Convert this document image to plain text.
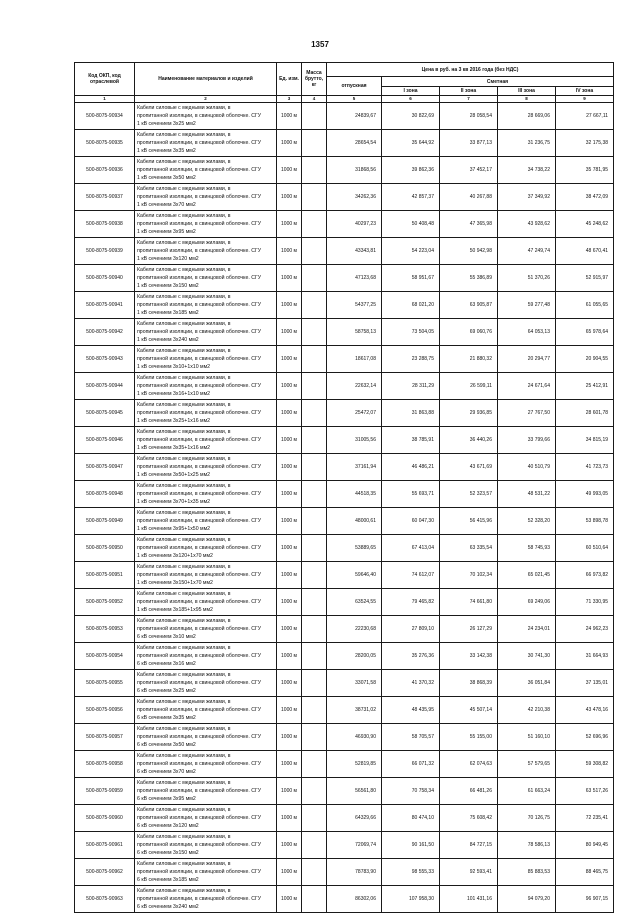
1357
Код ОКП, код отраслевой	Наименование материалов и изделий	Ед. изм.	Масса брутто, кг	Цена в руб. на 3 кв 2016 года (без НДС)				
				отпускная	Сметная			
					I зона	II зона	III зона	IV зона
1	2	3	4	5	6	7	8	9
500-8075-90934	Кабели силовые с медными жилами, в
пропитанной изоляции, в свинцовой оболочке. СГУ
1 кВ сечением 3х25 мм2	1000 м		24839,67	30 822,69	28 058,54	28 669,06	27 667,11
500-8075-90935	Кабели силовые с медными жилами, в
пропитанной изоляции, в свинцовой оболочке. СГУ
1 кВ сечением 3х35 мм2	1000 м		28654,54	35 644,92	33 877,13	31 236,75	32 175,38
500-8075-90936	Кабели силовые с медными жилами, в
пропитанной изоляции, в свинцовой оболочке. СГУ
1 кВ сечением 3х50 мм2	1000 м		31868,56	39 862,36	37 452,17	34 738,22	35 781,95
500-8075-90937	Кабели силовые с медными жилами, в
пропитанной изоляции, в свинцовой оболочке. СГУ
1 кВ сечением 3х70 мм2	1000 м		34262,36	42 857,37	40 267,88	37 349,92	38 472,09
500-8075-90938	Кабели силовые с медными жилами, в
пропитанной изоляции, в свинцовой оболочке. СГУ
1 кВ сечением 3х95 мм2	1000 м		40297,23	50 408,48	47 365,98	43 928,62	45 248,62
500-8075-90939	Кабели силовые с медными жилами, в
пропитанной изоляции, в свинцовой оболочке. СГУ
1 кВ сечением 3х120 мм2	1000 м		43343,81	54 223,04	50 942,98	47 249,74	48 670,41
500-8075-90940	Кабели силовые с медными жилами, в
пропитанной изоляции, в свинцовой оболочке. СГУ
1 кВ сечением 3х150 мм2	1000 м		47123,68	58 951,67	55 386,89	51 370,26	52 915,97
500-8075-90941	Кабели силовые с медными жилами, в
пропитанной изоляции, в свинцовой оболочке. СГУ
1 кВ сечением 3х185 мм2	1000 м		54377,25	68 021,20	63 905,87	59 277,48	61 055,65
500-8075-90942	Кабели силовые с медными жилами, в
пропитанной изоляции, в свинцовой оболочке. СГУ
1 кВ сечением 3х240 мм2	1000 м		58758,13	73 504,05	69 060,76	64 053,13	65 978,64
500-8075-90943	Кабели силовые с медными жилами, в
пропитанной изоляции, в свинцовой оболочке. СГУ
1 кВ сечением 3х10+1х10 мм2	1000 м		18617,08	23 288,75	21 880,32	20 294,77	20 904,55
500-8075-90944	Кабели силовые с медными жилами, в
пропитанной изоляции, в свинцовой оболочке. СГУ
1 кВ сечением 3х16+1х10 мм2	1000 м		22632,14	28 311,29	26 599,11	24 671,64	25 412,91
500-8075-90945	Кабели силовые с медными жилами, в
пропитанной изоляции, в свинцовой оболочке. СГУ
1 кВ сечением 3х25+1х16 мм2	1000 м		25472,07	31 863,88	29 936,85	27 767,50	28 601,78
500-8075-90946	Кабели силовые с медными жилами, в
пропитанной изоляции, в свинцовой оболочке. СГУ
1 кВ сечением 3х35+1х16 мм2	1000 м		31005,56	38 785,91	36 440,26	33 799,66	34 815,19
500-8075-90947	Кабели силовые с медными жилами, в
пропитанной изоляции, в свинцовой оболочке. СГУ
1 кВ сечением 3х50+1х25 мм2	1000 м		37161,94	46 486,21	43 671,69	40 510,79	41 723,73
500-8075-90948	Кабели силовые с медными жилами, в
пропитанной изоляции, в свинцовой оболочке. СГУ
1 кВ сечением 3х70+1х35 мм2	1000 м		44518,35	55 693,71	52 323,57	48 531,22	49 993,05
500-8075-90949	Кабели силовые с медными жилами, в
пропитанной изоляции, в свинцовой оболочке. СГУ
1 кВ сечением 3х95+1х50 мм2	1000 м		48000,61	60 047,30	56 415,96	52 328,20	53 898,78
500-8075-90950	Кабели силовые с медными жилами, в
пропитанной изоляции, в свинцовой оболочке. СГУ
1 кВ сечением 3х120+1х70 мм2	1000 м		53889,65	67 413,04	63 335,54	58 745,93	60 510,64
500-8075-90951	Кабели силовые с медными жилами, в
пропитанной изоляции, в свинцовой оболочке. СГУ
1 кВ сечением 3х150+1х70 мм2	1000 м		59646,40	74 612,07	70 102,34	65 021,45	66 973,82
500-8075-90952	Кабели силовые с медными жилами, в
пропитанной изоляции, в свинцовой оболочке. СГУ
1 кВ сечением 3х185+1х95 мм2	1000 м		63524,55	79 465,82	74 661,80	69 249,06	71 330,95
500-8075-90953	Кабели силовые с медными жилами, в
пропитанной изоляции, в свинцовой оболочке. СГУ
6 кВ сечением 3х10 мм2	1000 м		22230,68	27 809,10	26 127,29	24 234,01	24 962,23
500-8075-90954	Кабели силовые с медными жилами, в
пропитанной изоляции, в свинцовой оболочке. СГУ
6 кВ сечением 3х16 мм2	1000 м		28200,05	35 276,36	33 142,38	30 741,30	31 664,93
500-8075-90955	Кабели силовые с медными жилами, в
пропитанной изоляции, в свинцовой оболочке. СГУ
6 кВ сечением 3х25 мм2	1000 м		33071,58	41 370,32	38 868,39	36 051,84	37 135,01
500-8075-90956	Кабели силовые с медными жилами, в
пропитанной изоляции, в свинцовой оболочке. СГУ
6 кВ сечением 3х35 мм2	1000 м		38731,02	48 435,95	45 507,14	42 210,38	43 478,16
500-8075-90957	Кабели силовые с медными жилами, в
пропитанной изоляции, в свинцовой оболочке. СГУ
6 кВ сечением 3х50 мм2	1000 м		46930,90	58 705,57	55 155,00	51 160,10	52 696,96
500-8075-90958	Кабели силовые с медными жилами, в
пропитанной изоляции, в свинцовой оболочке. СГУ
6 кВ сечением 3х70 мм2	1000 м		52819,85	66 071,32	62 074,63	57 579,65	59 308,82
500-8075-90959	Кабели силовые с медными жилами, в
пропитанной изоляции, в свинцовой оболочке. СГУ
6 кВ сечением 3х95 мм2	1000 м		56561,80	70 758,34	66 481,26	61 663,24	63 517,26
500-8075-90960	Кабели силовые с медными жилами, в
пропитанной изоляции, в свинцовой оболочке. СГУ
6 кВ сечением 3х120 мм2	1000 м		64329,66	80 474,10	75 608,42	70 126,75	72 235,41
500-8075-90961	Кабели силовые с медными жилами, в
пропитанной изоляции, в свинцовой оболочке. СГУ
6 кВ сечением 3х150 мм2	1000 м		72069,74	90 161,50	84 727,15	78 586,13	80 949,45
500-8075-90962	Кабели силовые с медными жилами, в
пропитанной изоляции, в свинцовой оболочке. СГУ
6 кВ сечением 3х185 мм2	1000 м		78783,90	98 555,33	92 593,41	85 883,53	88 465,75
500-8075-90963	Кабели силовые с медными жилами, в
пропитанной изоляции, в свинцовой оболочке. СГУ
6 кВ сечением 3х240 мм2	1000 м		86302,06	107 958,30	101 431,16	94 079,20	96 907,15
